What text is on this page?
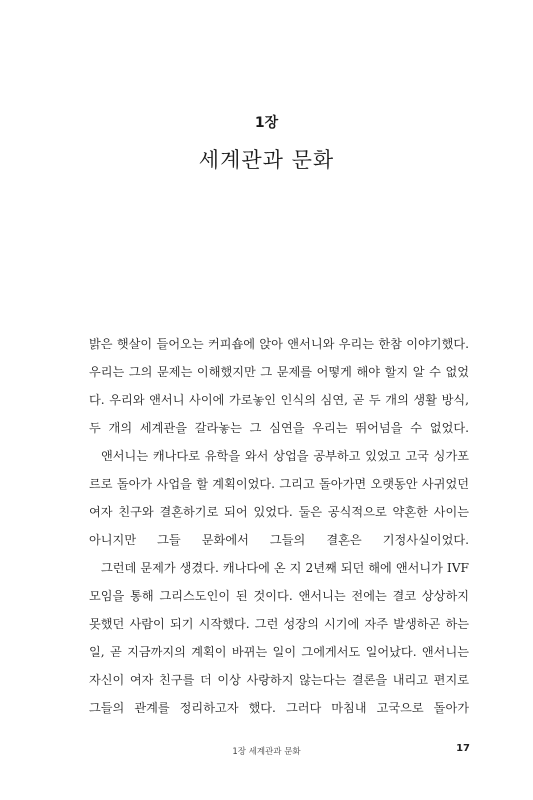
1장
세계관과 문화

밝은 햇살이 들어오는 커피숍에 앉아 앤서니와 우리는 한참 이야기했다. 우리는 그의 문제는 이해했지만 그 문제를 어떻게 해야 할지 알 수 없었다. 우리와 앤서니 사이에 가로놓인 인식의 심연, 곧 두 개의 생활 방식, 두 개의 세계관을 갈라놓는 그 심연을 우리는 뛰어넘을 수 없었다.

앤서니는 캐나다로 유학을 와서 상업을 공부하고 있었고 고국 싱가포르로 돌아가 사업을 할 계획이었다. 그리고 돌아가면 오랫동안 사귀었던 여자 친구와 결혼하기로 되어 있었다. 둘은 공식적으로 약혼한 사이는 아니지만 그들 문화에서 그들의 결혼은 기정사실이었다.

그런데 문제가 생겼다. 캐나다에 온 지 2년째 되던 해에 앤서니가 IVF 모임을 통해 그리스도인이 된 것이다. 앤서니는 전에는 결코 상상하지 못했던 사람이 되기 시작했다. 그런 성장의 시기에 자주 발생하곤 하는 일, 곧 지금까지의 계획이 바뀌는 일이 그에게서도 일어났다. 앤서니는 자신이 여자 친구를 더 이상 사랑하지 않는다는 결론을 내리고 편지로 그들의 관계를 정리하고자 했다. 그러다 마침내 고국으로 돌아가

1장 세계관과 문화	17
